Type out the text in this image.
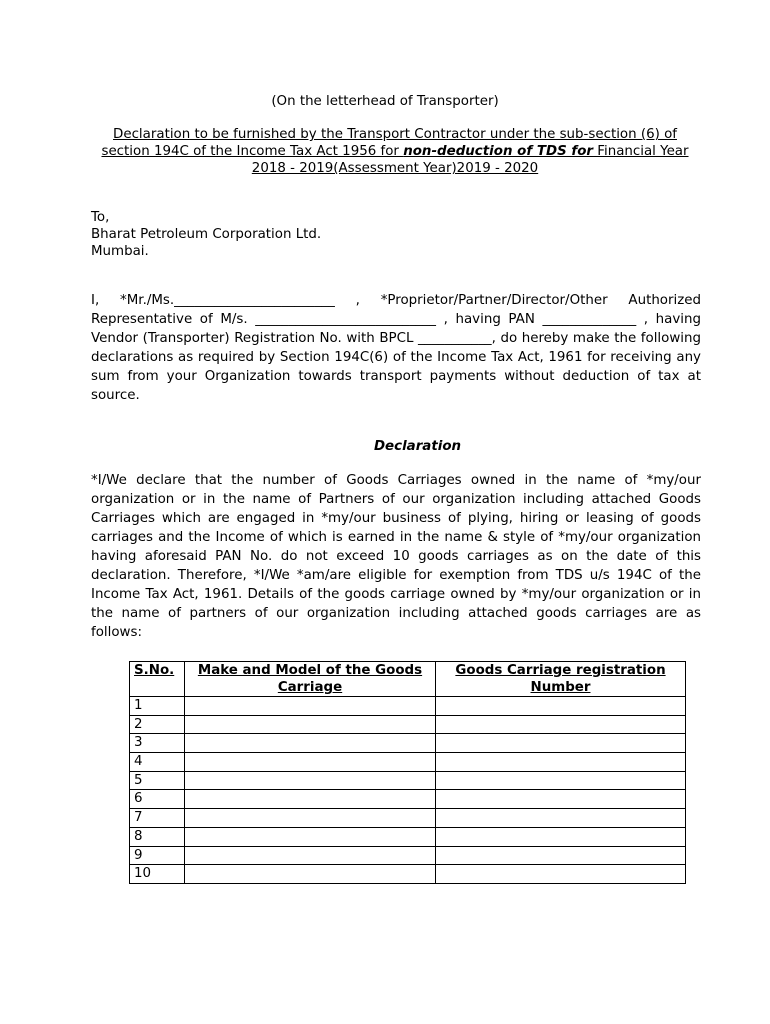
(On the letterhead of Transporter)
Declaration to be furnished by the Transport Contractor under the sub-section (6) of section 194C of the Income Tax Act 1956 for non-deduction of TDS for Financial Year 2018 - 2019(Assessment Year)2019 - 2020
To,
Bharat Petroleum Corporation Ltd.
Mumbai.
I, *Mr./Ms.________________________ , *Proprietor/Partner/Director/Other Authorized Representative of M/s. ___________________________ , having PAN ______________ , having Vendor (Transporter) Registration No. with BPCL ___________, do hereby make the following declarations as required by Section 194C(6) of the Income Tax Act, 1961 for receiving any sum from your Organization towards transport payments without deduction of tax at source.
Declaration
*I/We declare that the number of Goods Carriages owned in the name of *my/our organization or in the name of Partners of our organization including attached Goods Carriages which are engaged in *my/our business of plying, hiring or leasing of goods carriages and the Income of which is earned in the name & style of *my/our organization having aforesaid PAN No. do not exceed 10 goods carriages as on the date of this declaration. Therefore, *I/We *am/are eligible for exemption from TDS u/s 194C of the Income Tax Act, 1961. Details of the goods carriage owned by *my/our organization or in the name of partners of our organization including attached goods carriages are as follows:
S.No.	Make and Model of the Goods Carriage	Goods Carriage registration Number
1		
2		
3		
4		
5		
6		
7		
8		
9		
10		
